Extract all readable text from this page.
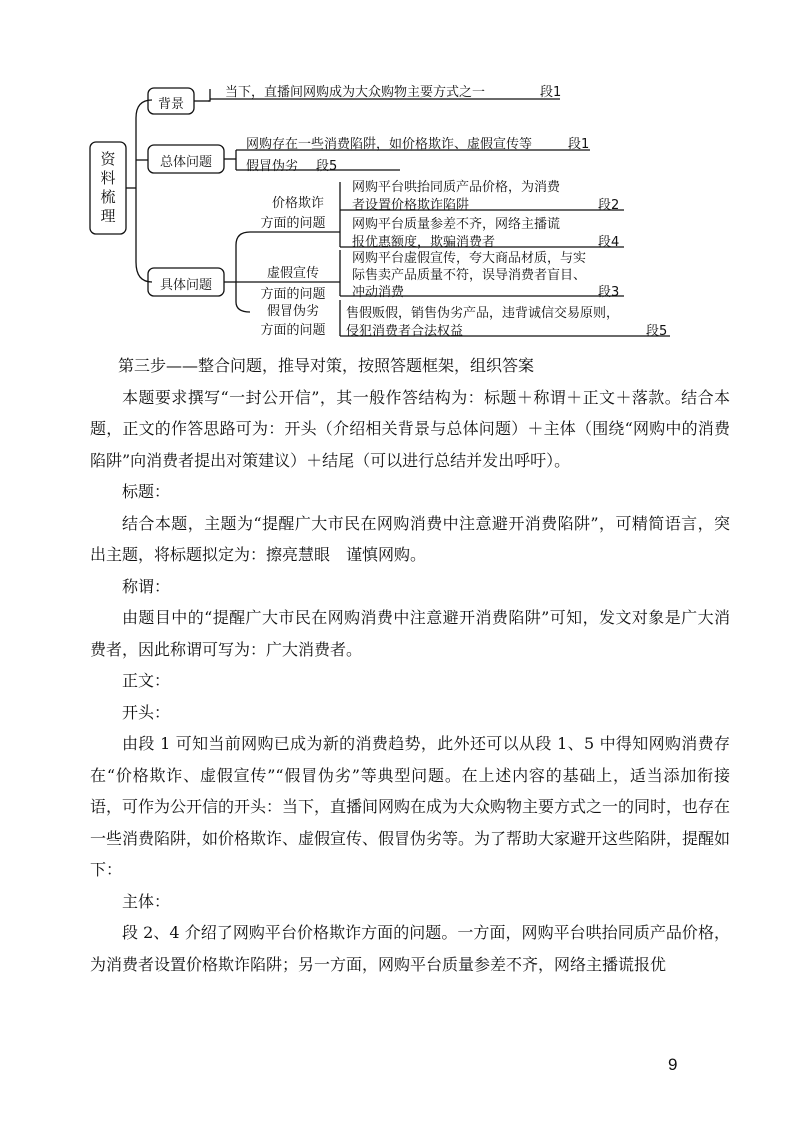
资料梳理
背景
当下，直播间网购成为大众购物主要方式之一	段1
总体问题
网购存在一些消费陷阱，如价格欺诈、虚假宣传等	段1
假冒伪劣 段5
具体问题
价格欺诈
方面的问题
网购平台哄抬同质产品价格，为消费
者设置价格欺诈陷阱	段2
网购平台质量参差不齐，网络主播谎
报优惠额度，欺骗消费者	段4
虚假宣传
方面的问题
网购平台虚假宣传，夸大商品材质，与实
际售卖产品质量不符，误导消费者盲目、
冲动消费	段3
假冒伪劣
方面的问题
售假贩假，销售伪劣产品，违背诚信交易原则，
侵犯消费者合法权益	段5

第三步——整合问题，推导对策，按照答题框架，组织答案

本题要求撰写“一封公开信”，其一般作答结构为：标题＋称谓＋正文＋落款。结合本题，正文的作答思路可为：开头（介绍相关背景与总体问题）＋主体（围绕“网购中的消费陷阱”向消费者提出对策建议）＋结尾（可以进行总结并发出呼吁）。

标题：

结合本题，主题为“提醒广大市民在网购消费中注意避开消费陷阱”，可精简语言，突出主题，将标题拟定为：擦亮慧眼　谨慎网购。

称谓：

由题目中的“提醒广大市民在网购消费中注意避开消费陷阱”可知，发文对象是广大消费者，因此称谓可写为：广大消费者。

正文：

开头：

由段 1 可知当前网购已成为新的消费趋势，此外还可以从段 1、5 中得知网购消费存在“价格欺诈、虚假宣传”“假冒伪劣”等典型问题。在上述内容的基础上，适当添加衔接语，可作为公开信的开头：当下，直播间网购在成为大众购物主要方式之一的同时，也存在一些消费陷阱，如价格欺诈、虚假宣传、假冒伪劣等。为了帮助大家避开这些陷阱，提醒如下：

主体：

段 2、4 介绍了网购平台价格欺诈方面的问题。一方面，网购平台哄抬同质产品价格，为消费者设置价格欺诈陷阱；另一方面，网购平台质量参差不齐，网络主播谎报优

9
